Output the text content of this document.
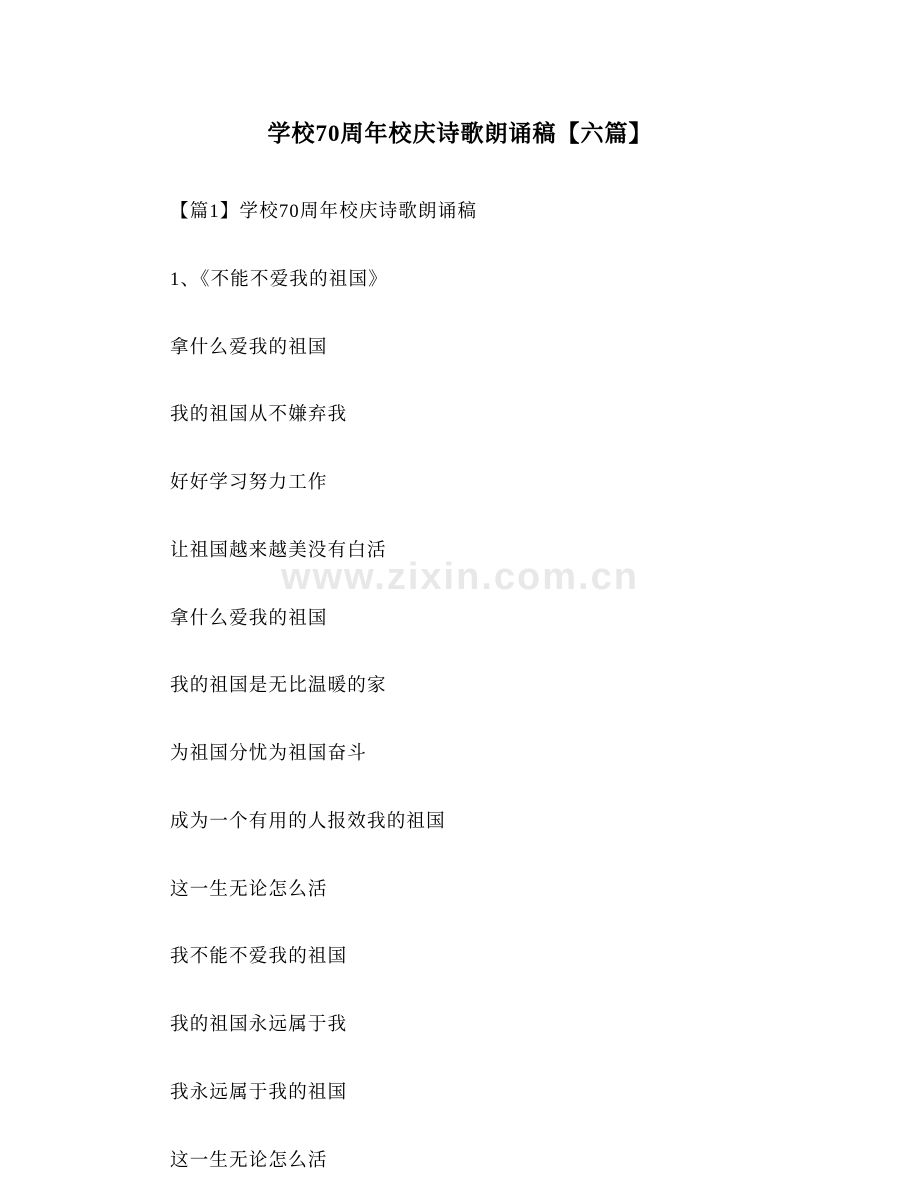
www.zixin.com.cn
学校70周年校庆诗歌朗诵稿【六篇】

【篇1】学校70周年校庆诗歌朗诵稿

1、《不能不爱我的祖国》

拿什么爱我的祖国

我的祖国从不嫌弃我

好好学习努力工作

让祖国越来越美没有白活

拿什么爱我的祖国

我的祖国是无比温暖的家

为祖国分忧为祖国奋斗

成为一个有用的人报效我的祖国

这一生无论怎么活

我不能不爱我的祖国

我的祖国永远属于我

我永远属于我的祖国

这一生无论怎么活
